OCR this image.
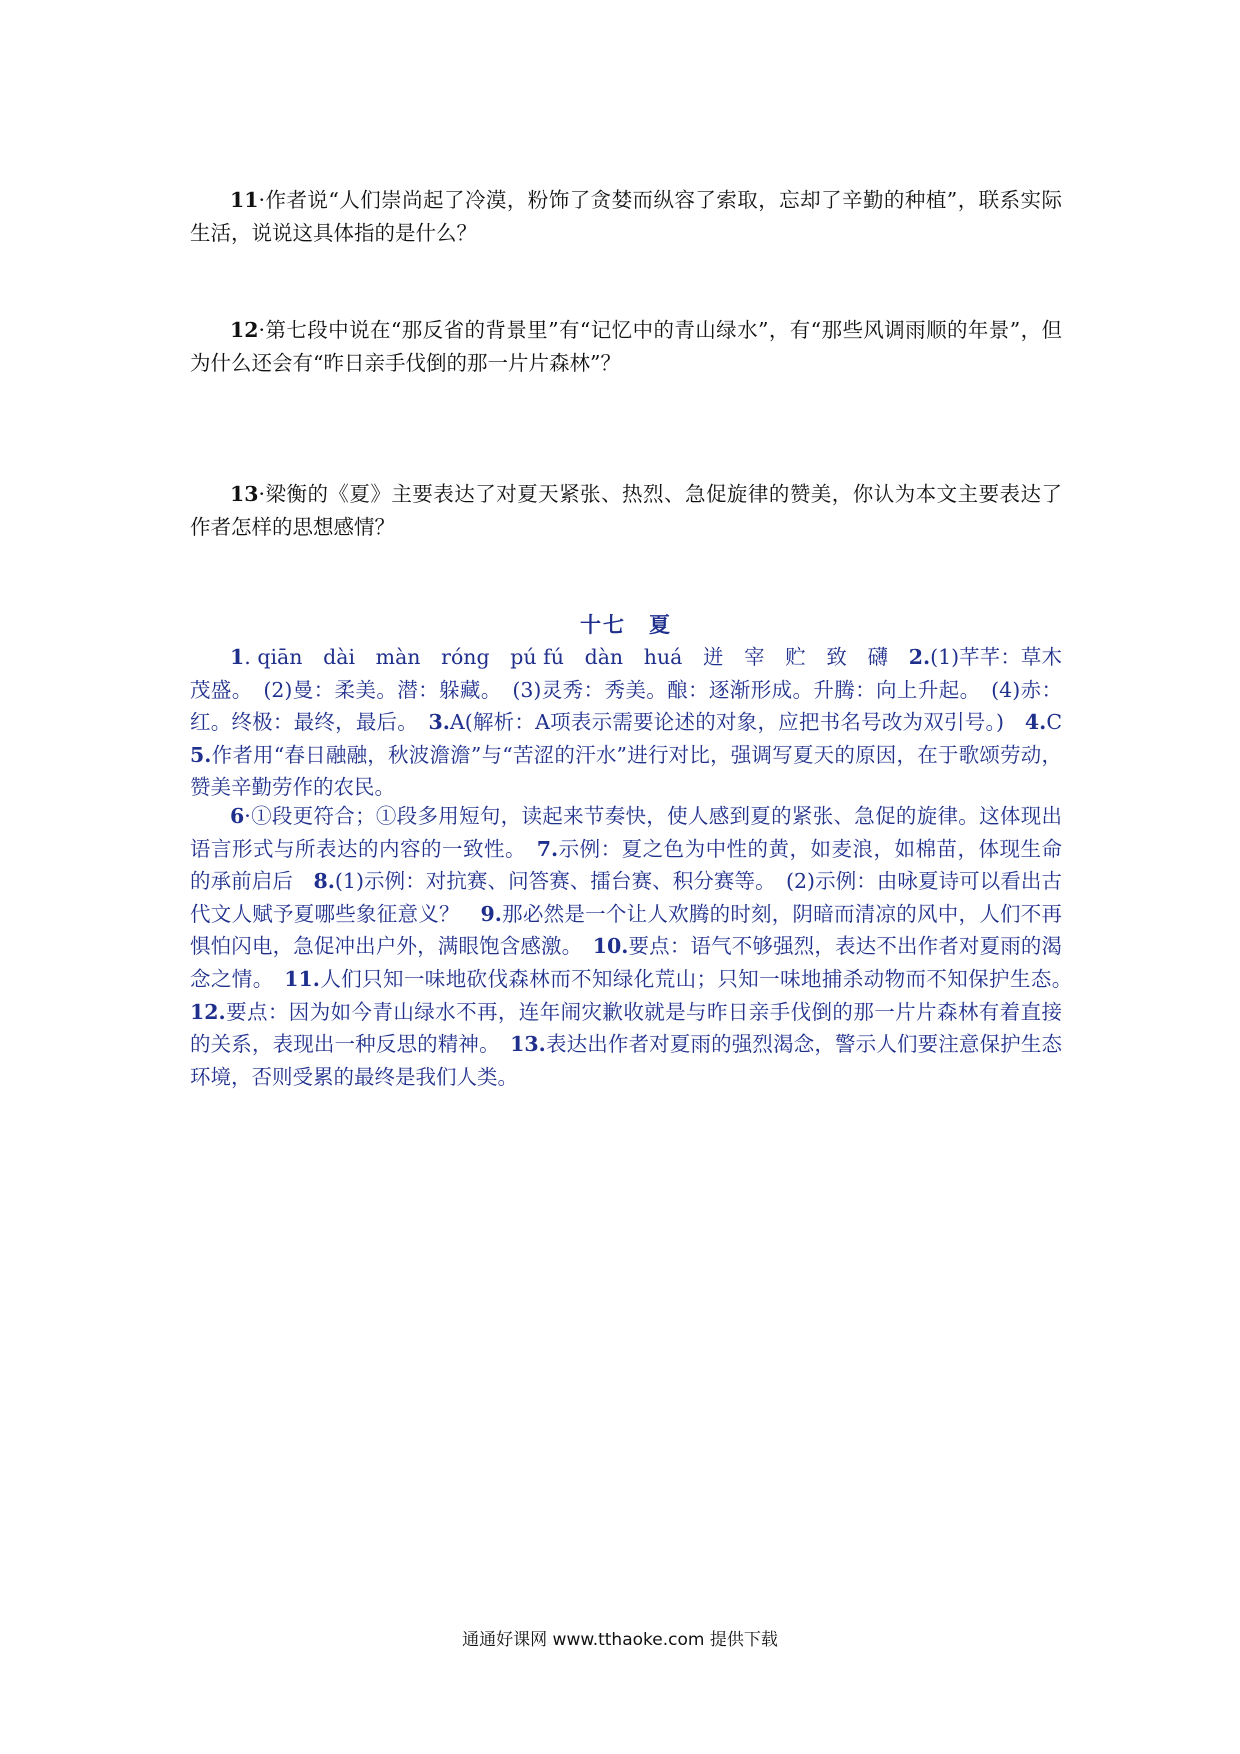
11·作者说“人们崇尚起了冷漠，粉饰了贪婪而纵容了索取，忘却了辛勤的种植”，联系实际生活，说说这具体指的是什么？

12·第七段中说在“那反省的背景里”有“记忆中的青山绿水”，有“那些风调雨顺的年景”，但为什么还会有“昨日亲手伐倒的那一片片森林”？

13·梁衡的《夏》主要表达了对夏天紧张、热烈、急促旋律的赞美，你认为本文主要表达了作者怎样的思想感情？

十七　夏

1. qiān　dài　màn　róng　pú fú　dàn　huá　迸　宰　贮　致　礴　2.(1)芊芊：草木茂盛。　(2)曼：柔美。潜：躲藏。　(3)灵秀：秀美。酿：逐渐形成。升腾：向上升起。　(4)赤：红。终极：最终，最后。　3.A(解析：A项表示需要论述的对象，应把书名号改为双引号。)　4.C　5.作者用“春日融融，秋波澹澹”与“苦涩的汗水”进行对比，强调写夏天的原因，在于歌颂劳动，赞美辛勤劳作的农民。

6·①段更符合；①段多用短句，读起来节奏快，使人感到夏的紧张、急促的旋律。这体现出语言形式与所表达的内容的一致性。　7.示例：夏之色为中性的黄，如麦浪，如棉苗，体现生命的承前启后　8.(1)示例：对抗赛、问答赛、擂台赛、积分赛等。　(2)示例：由咏夏诗可以看出古代文人赋予夏哪些象征意义？　9.那必然是一个让人欢腾的时刻，阴暗而清凉的风中，人们不再惧怕闪电，急促冲出户外，满眼饱含感激。　10.要点：语气不够强烈，表达不出作者对夏雨的渴念之情。　11.人们只知一味地砍伐森林而不知绿化荒山；只知一味地捕杀动物而不知保护生态。　12.要点：因为如今青山绿水不再，连年闹灾歉收就是与昨日亲手伐倒的那一片片森林有着直接的关系，表现出一种反思的精神。　13.表达出作者对夏雨的强烈渴念，警示人们要注意保护生态环境，否则受累的最终是我们人类。

通通好课网 www.tthaoke.com 提供下载
